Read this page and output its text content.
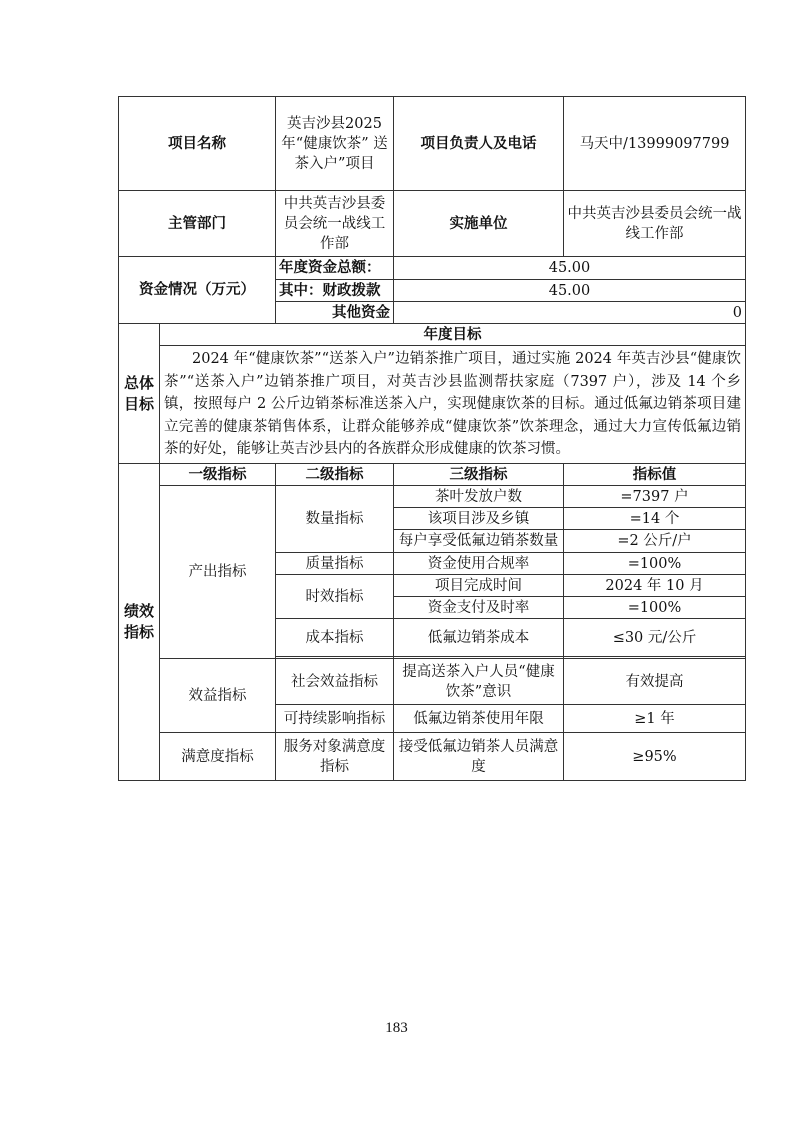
项目名称		英吉沙县2025年“健康饮茶” 送茶入户”项目	项目负责人及电话	马天中/13999097799
主管部门		中共英吉沙县委员会统一战线工作部	实施单位	中共英吉沙县委员会统一战线工作部
资金情况（万元）		年度资金总额：	45.00	
		其中：财政拨款	45.00	
		其他资金	0	
总体目标	年度目标			
	2024 年“健康饮茶”“送茶入户”边销茶推广项目，通过实施 2024 年英吉沙县“健康饮茶”“送茶入户”边销茶推广项目，对英吉沙县监测帮扶家庭（7397 户），涉及 14 个乡镇，按照每户 2 公斤边销茶标准送茶入户，实现健康饮茶的目标。通过低氟边销茶项目建立完善的健康茶销售体系，让群众能够养成“健康饮茶”饮茶理念，通过大力宣传低氟边销茶的好处，能够让英吉沙县内的各族群众形成健康的饮茶习惯。			
绩效指标	一级指标	二级指标	三级指标	指标值
	产出指标	数量指标	茶叶发放户数	=7397 户
			该项目涉及乡镇	=14 个
			每户享受低氟边销茶数量	=2 公斤/户
		质量指标	资金使用合规率	=100%
		时效指标	项目完成时间	2024 年 10 月
			资金支付及时率	=100%
		成本指标	低氟边销茶成本	≤30 元/公斤

	效益指标	社会效益指标	提高送茶入户人员“健康饮茶”意识	有效提高
		可持续影响指标	低氟边销茶使用年限	≥1 年
	满意度指标	服务对象满意度指标	接受低氟边销茶人员满意度	≥95%
183
